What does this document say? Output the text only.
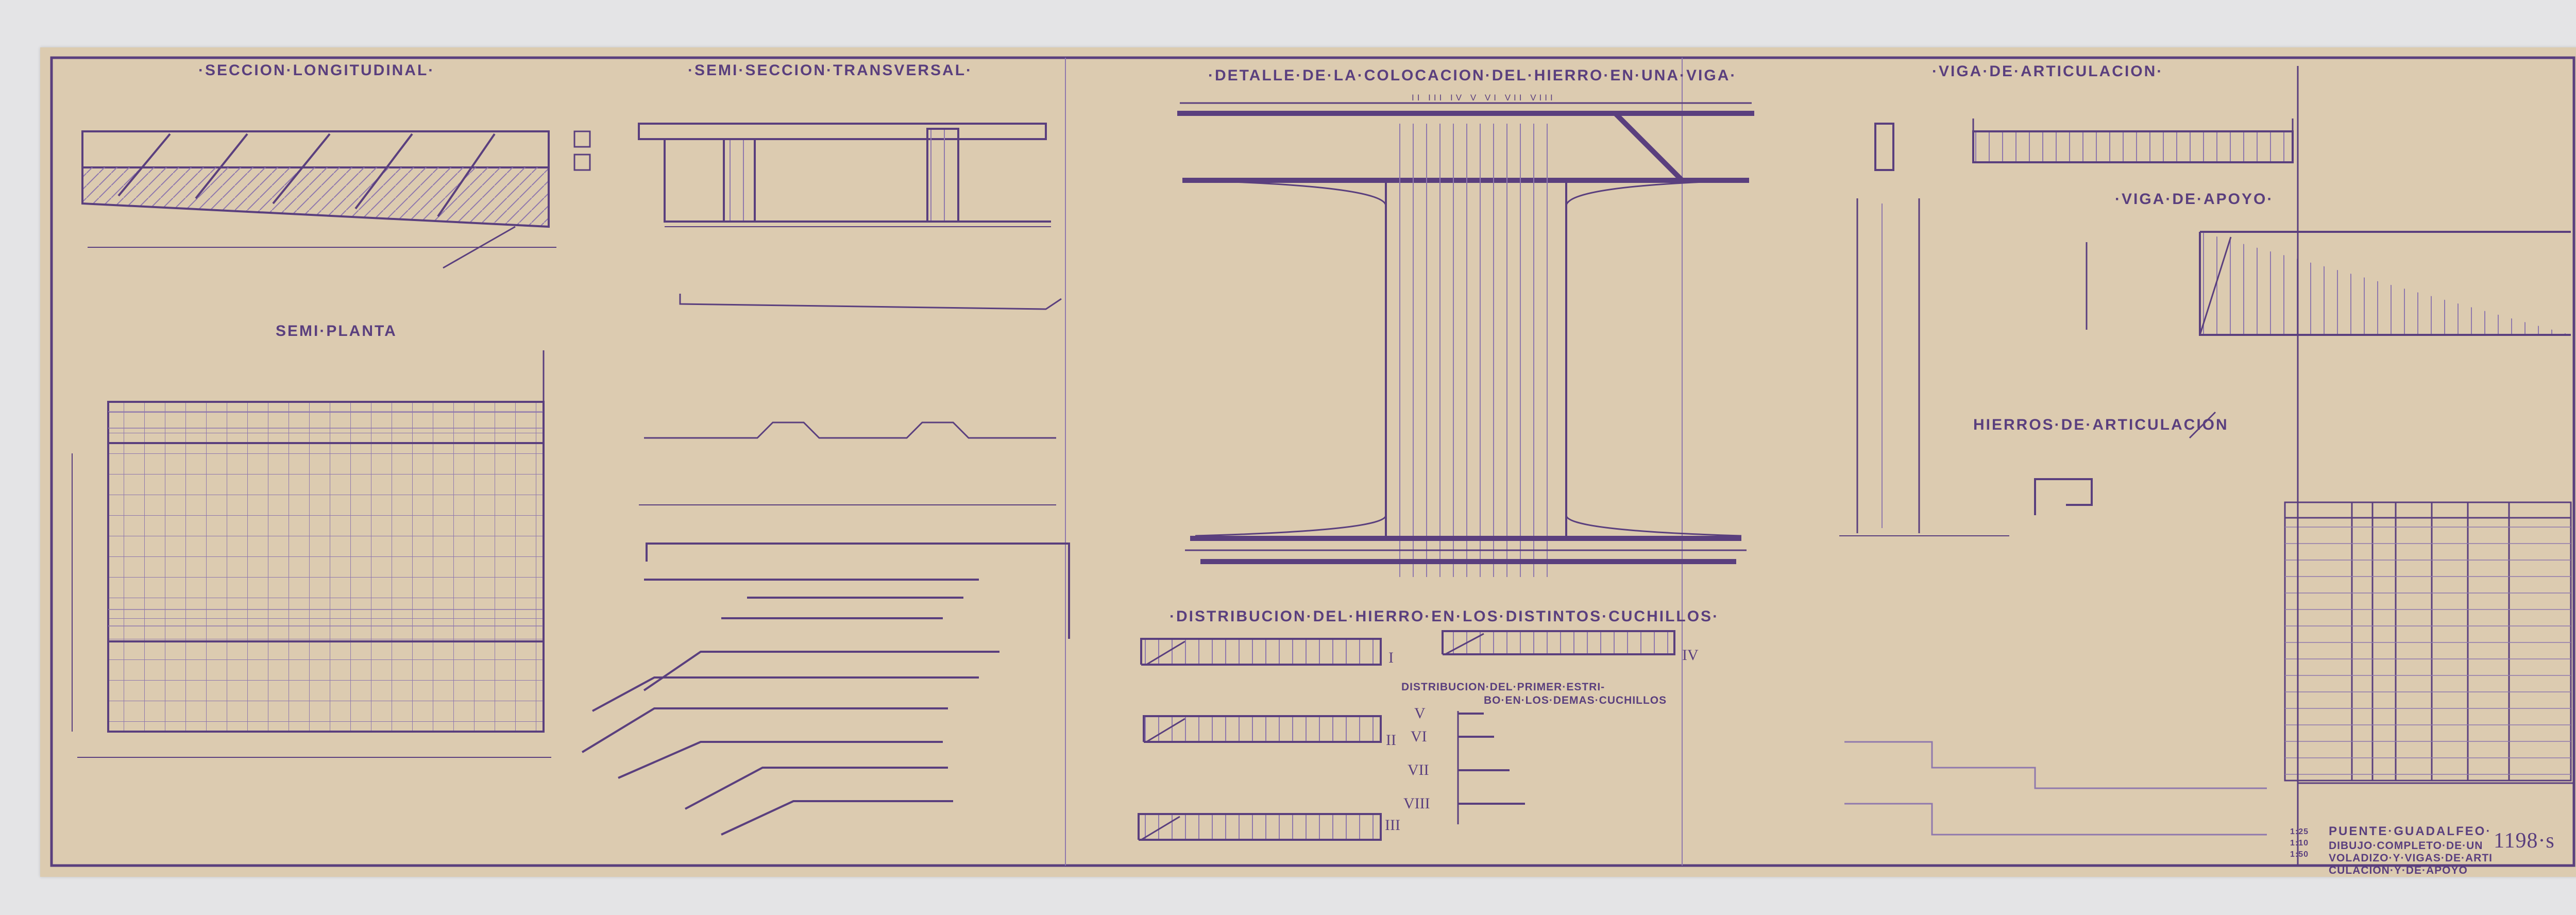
·SECCION·LONGITUDINAL·	·SEMI·SECCION·TRANSVERSAL·	·DETALLE·DE·LA·COLOCACION·DEL·HIERRO·EN·UNA·VIGA·	·VIGA·DE·ARTICULACION·
·VIGA·DE·APOYO·
SEMI·PLANTA
HIERROS·DE·ARTICULACION
·DISTRIBUCION·DEL·HIERRO·EN·LOS·DISTINTOS·CUCHILLOS·
II III IV V VI VII VIII
DISTRIBUCION·DEL·PRIMER·ESTRI-
BO·EN·LOS·DEMAS·CUCHILLOS
I
II
III
IV
V
VI
VII
VIII
PUENTE·GUADALFEO·
DIBUJO·COMPLETO·DE·UN
VOLADIZO·Y·VIGAS·DE·ARTI
CULACION·Y·DE·APOYO
1:25
1:10
1:50
1198·s
